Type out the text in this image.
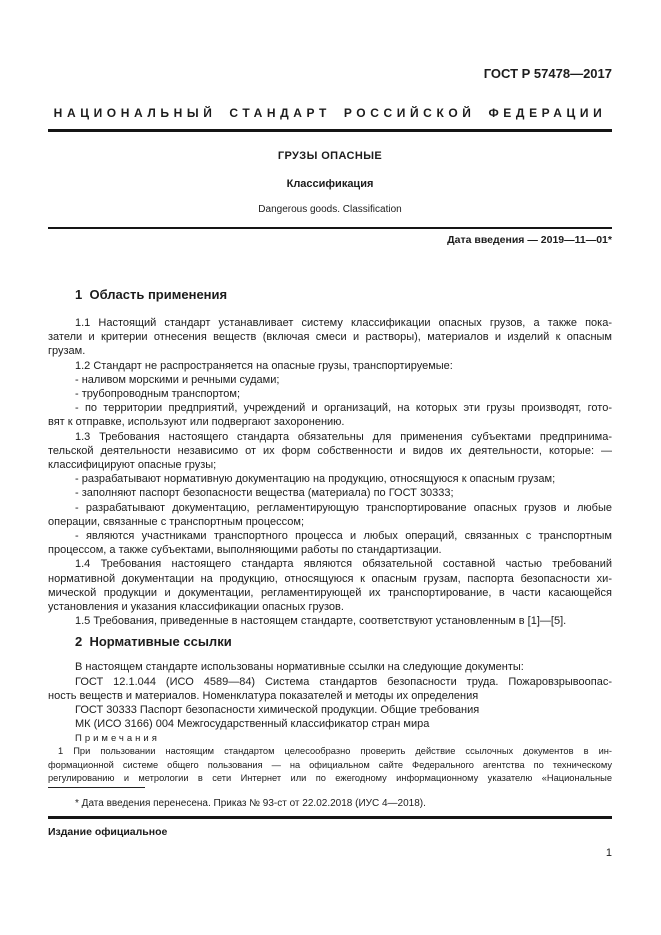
ГОСТ Р 57478—2017
НАЦИОНАЛЬНЫЙ СТАНДАРТ РОССИЙСКОЙ ФЕДЕРАЦИИ
ГРУЗЫ ОПАСНЫЕ
Классификация
Dangerous goods. Classification
Дата введения — 2019—11—01*
1  Область применения
1.1 Настоящий стандарт устанавливает систему классификации опасных грузов, а также пока-
затели и критерии отнесения веществ (включая смеси и растворы), материалов и изделий к опасным
грузам.
1.2 Стандарт не распространяется на опасные грузы, транспортируемые:
- наливом морскими и речными судами;
- трубопроводным транспортом;
- по территории предприятий, учреждений и организаций, на которых эти грузы производят, гото-
вят к отправке, используют или подвергают захоронению.
1.3 Требования настоящего стандарта обязательны для применения субъектами предпринима-
тельской деятельности независимо от их форм собственности и видов их деятельности, которые: —
классифицируют опасные грузы;
- разрабатывают нормативную документацию на продукцию, относящуюся к опасным грузам;
- заполняют паспорт безопасности вещества (материала) по ГОСТ 30333;
- разрабатывают документацию, регламентирующую транспортирование опасных грузов и любые
операции, связанные с транспортным процессом;
- являются участниками транспортного процесса и любых операций, связанных с транспортным
процессом, а также субъектами, выполняющими работы по стандартизации.
1.4 Требования настоящего стандарта являются обязательной составной частью требований
нормативной документации на продукцию, относящуюся к опасным грузам, паспорта безопасности хи-
мической продукции и документации, регламентирующей их транспортирование, в части касающейся
установления и указания классификации опасных грузов.
1.5 Требования, приведенные в настоящем стандарте, соответствуют установленным в [1]—[5].
2  Нормативные ссылки
В настоящем стандарте использованы нормативные ссылки на следующие документы:
ГОСТ 12.1.044 (ИСО 4589—84) Система стандартов безопасности труда. Пожаровзрывоопас-
ность веществ и материалов. Номенклатура показателей и методы их определения
ГОСТ 30333 Паспорт безопасности химической продукции. Общие требования
МК (ИСО 3166) 004 Межгосударственный классификатор стран мира
Примечания
1 При пользовании настоящим стандартом целесообразно проверить действие ссылочных документов в ин-
формационной системе общего пользования — на официальном сайте Федерального агентства по техническому
регулированию и метрологии в сети Интернет или по ежегодному информационному указателю «Национальные
* Дата введения перенесена. Приказ № 93-ст от 22.02.2018 (ИУС 4—2018).
Издание официальное
1
